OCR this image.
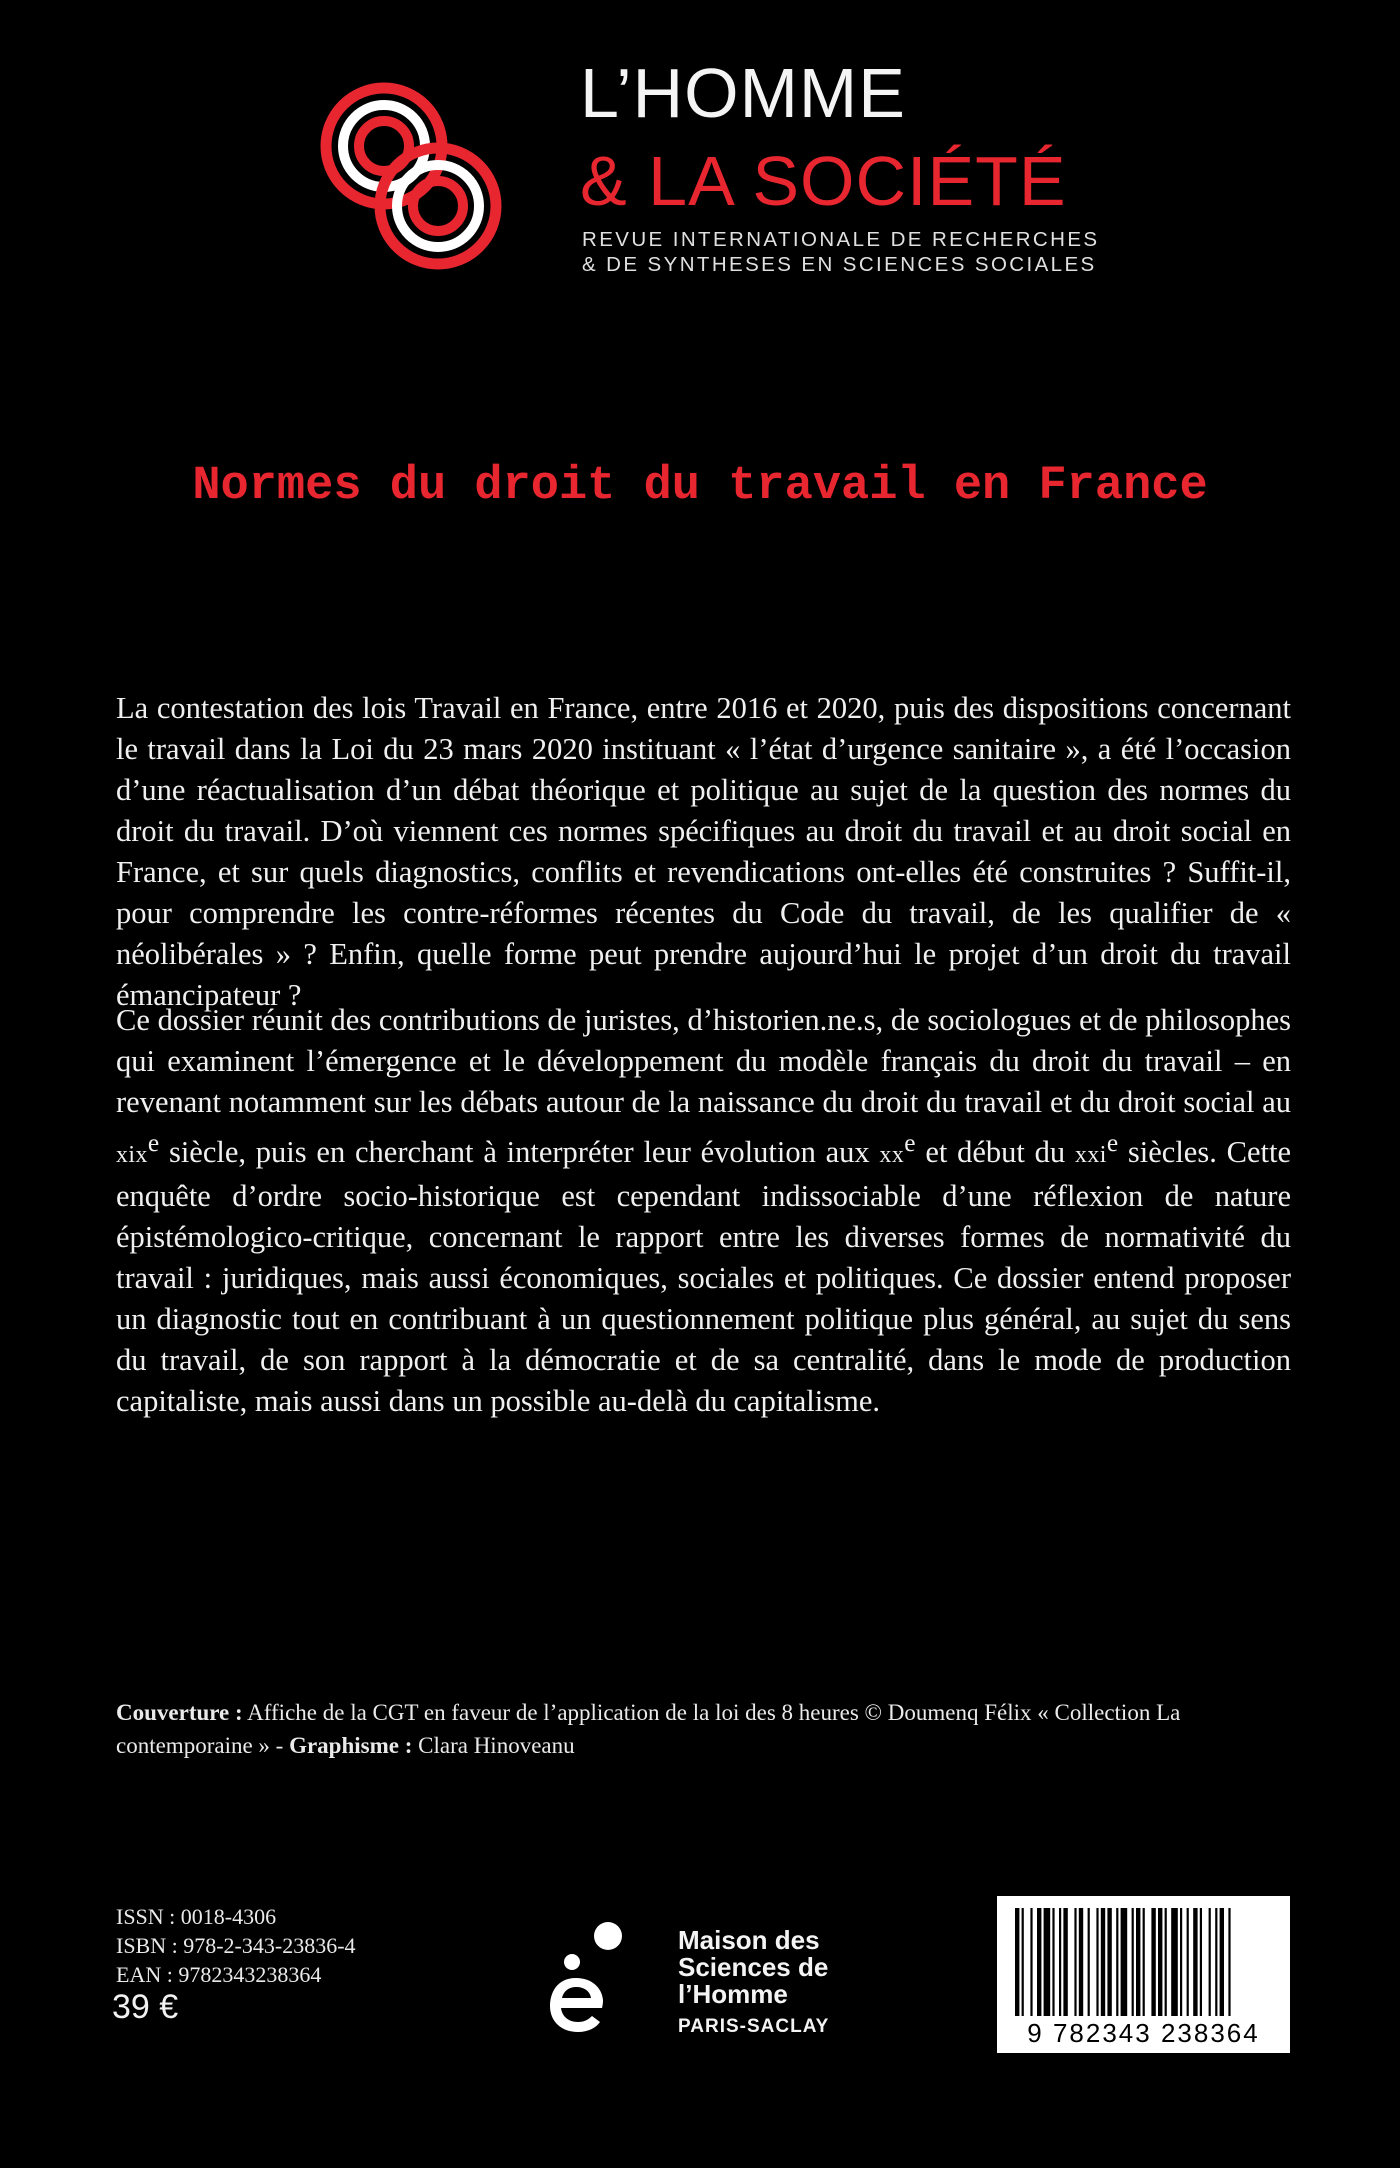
L’HOMME
& LA SOCIÉTÉ
REVUE INTERNATIONALE DE RECHERCHES
& DE SYNTHESES EN SCIENCES SOCIALES
Normes du droit du travail en France
La contestation des lois Travail en France, entre 2016 et 2020, puis des dispositions concernant le travail dans la Loi du 23 mars 2020 instituant « l’état d’urgence sanitaire », a été l’occasion d’une réactualisation d’un débat théorique et politique au sujet de la question des normes du droit du travail. D’où viennent ces normes spécifiques au droit du travail et au droit social en France, et sur quels diagnostics, conflits et revendications ont-elles été construites ? Suffit-il, pour comprendre les contre-réformes récentes du Code du travail, de les qualifier de « néolibérales » ? Enfin, quelle forme peut prendre aujourd’hui le projet d’un droit du travail émancipateur ?
Ce dossier réunit des contributions de juristes, d’historien.ne.s, de sociologues et de philosophes qui examinent l’émergence et le développement du modèle français du droit du travail – en revenant notamment sur les débats autour de la naissance du droit du travail et du droit social au xix$^e$ siècle, puis en cherchant à interpréter leur évolution aux $xx^e$ et début du xxi$^e$ siècles. Cette enquête d’ordre socio-historique est cependant indissociable d’une réflexion de nature épistémologico-critique, concernant le rapport entre les diverses formes de normativité du travail : juridiques, mais aussi économiques, sociales et politiques. Ce dossier entend proposer un diagnostic tout en contribuant à un questionnement politique plus général, au sujet du sens du travail, de son rapport à la démocratie et de sa centralité, dans le mode de production capitaliste, mais aussi dans un possible au-delà du capitalisme.
Couverture : Affiche de la CGT en faveur de l’application de la loi des 8 heures © Doumenq Félix « Collection La contemporaine » - Graphisme : Clara Hinoveanu
ISSN : 0018-4306
ISBN : 978-2-343-23836-4
EAN : 9782343238364
39 €
Maison des
Sciences de
l’Homme
PARIS-SACLAY	9 782343 238364
